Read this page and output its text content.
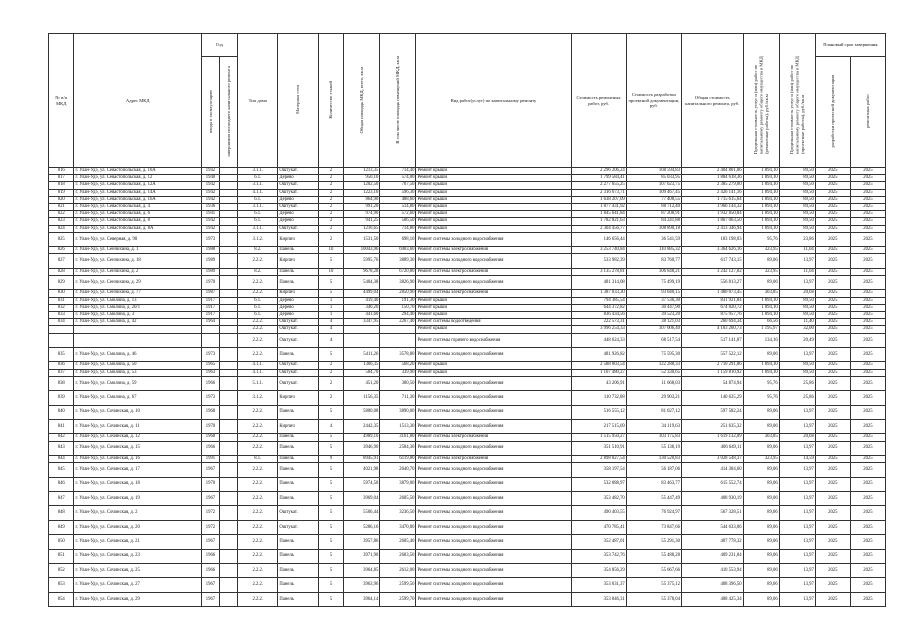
№ п/п МКД	Адрес МКД	Год		Тип дома	Материал стен	Количество этажей	Общая площадь МКД, всего, кв.м	В том числе площадь помещений МКД, кв.м	Вид работ(услуг) по капитальному ремонту	Стоимость ремонтных работ, руб.	Стоимость разработки проектной документации, руб.	Общая стоимость капитального ремонта, руб.	Предельная стоимость услуг и (или) работ по капитальному ремонту общего имущества в МКД (ремонтные работы), руб./кв.м	Предельная стоимость услуг и (или) работ по капитальному ремонту общего имущества в МКД (проектные работы), руб./кв.м	Плановый срок завершения	
		ввода в эксплуатацию	завершения последнего капитального ремонта												разработки проектной документации	ремонтных работ
816	г. Улан-Удэ, ул. Севастопольская, д. 10А	1942		3.1.1.	Оштукат.	2	1213,35	714,40	Ремонт крыши	2 296 206,24	108 594,83	2 404 801,06	1 894,10	89,50	2025	2025
817	г. Улан-Удэ, ул. Севастопольская, д. 12	1940		6.1.	Дерево	2	950,10	574,00	Ремонт крыши	1 799 584,41	85 033,95	1 884 618,36	1 894,10	89,50	2025	2025
818	г. Улан-Удэ, ул. Севастопольская, д. 12А	1942		3.1.1.	Оштукат.	2	1202,50	707,50	Ремонт крыши	2 277 655,25	107 623,75	2 385 279,00	1 894,10	89,50	2025	2025
819	г. Улан-Удэ, ул. Севастопольская, д. 14А	1942		4.1.1.	Оштукат.	2	1223,10	596,30	Ремонт крыши	2 316 673,71	109 467,45	2 426 141,16	1 894,10	89,50	2025	2025
820	г. Улан-Удэ, ул. Севастопольская, д. 16А	1942		6.1.	Дерево	2	864,90	488,60	Ремонт крыши	1 638 207,09	77 408,55	1 715 615,64	1 894,10	89,50	2025	2025
821	г. Улан-Удэ, ул. Севастопольская, д. 4	1936		3.1.1.	Оштукат.	2	991,20	514,80	Ремонт крыши	1 877 431,92	88 712,40	1 966 144,32	1 894,10	89,50	2025	2025
822	г. Улан-Удэ, ул. Севастопольская, д. 6	1941		6.1.	Дерево	2	974,90	572,60	Ремонт крыши	1 845 641,84	87 208,91	1 932 850,84	1 894,10	89,50	2025	2025
823	г. Улан-Удэ, ул. Севастопольская, д. 8	1942		6.1.	Дерево	2	941,25	506,50	Ремонт крыши	1 782 821,63	84 241,88	1 867 063,50	1 894,10	89,50	2025	2025
824	г. Улан-Удэ, ул. Севастопольская, д. 8А	1942		3.1.1.	Оштукат.	2	1216,65	714,80	Ремонт крыши	2 304 456,77	108 890,18	2 413 346,94	1 894,10	89,50	2025	2025
825	г. Улан-Удэ, ул. Северная, д. 90	1973		3.1.2.	Кирпич	2	1531,50	698,10	Ремонт системы холодного водоснабжения	146 656,44	36 541,59	183 198,03	95,76	23,86	2025	2025
826	г. Улан-Удэ, ул. Сенчихина, д. 1	1988		8.2.	Панель	10	10043,96	6903,60	Ремонт системы электроснабжения	3 253 740,84	110 885,32	3 364 626,16	323,95	11,04	2025	2025
827	г. Улан-Удэ, ул. Сенчихина, д. 18	1989		2.2.2.	Кирпич	5	5995,76	3889,30	Ремонт системы холодного водоснабжения	533 982,39	83 760,77	617 743,15	89,06	13,97	2025	2025
828	г. Улан-Удэ, ул. Сенчихина, д. 2	1989		8.2.	Панель	10	9678,28	6720,80	Ремонт системы электроснабжения	3 135 278,81	106 848,21	3 242 127,02	323,95	11,04	2025	2025
829	г. Улан-Удэ, ул. Сенчихина, д. 29	1970		2.2.2.	Панель	5	5404,38	3826,90	Ремонт системы холодного водоснабжения	481 314,08	75 499,19	556 813,27	89,06	13,97	2025	2025
830	г. Улан-Удэ, ул. Сенчихина, д. 77	1987		2.2.2.	Кирпич	5	4499,04	2850,90	Ремонт системы электроснабжения	1 387 033,30	93 040,15	1 480 073,45	303,85	20,68	2025	2025
831	г. Улан-Удэ, ул. Смолина, д. 13	1917		6.1.	Дерево	1	419,40	191,30	Ремонт крыши	794 385,54	37 536,30	831 921,84	1 894,10	89,50	2025	2025
832	г. Улан-Удэ, ул. Смолина, д. 20/1	1917		6.1.	Дерево	1	340,20	150,70	Ремонт крыши	644 372,82	30 447,90	674 820,72	1 894,10	89,50	2025	2025
833	г. Улан-Удэ, ул. Смолина, д. 3	1917		6.1.	Дерево	1	441,60	294,40	Ремонт крыши	836 434,56	39 523,20	875 957,76	1 894,10	89,50	2025	2025
834	г. Улан-Удэ, ул. Смолина, д. 42	1964		2.2.2.	Оштукат.	4	3347,95	2267,40	Ремонт системы водоотведения	222 573,31	38 121,03	260 694,34	66,56	11,40	2025	2025
				2.2.2.	Оштукат.	4			Ремонт крыши	3 996 254,33	107 006,40	4 103 260,73	1 195,97	32,00	2025	2025
				2.2.2.	Оштукат.	4			Ремонт системы горячего водоснабжения	448 624,33	68 517,54	517 141,87	134,16	20,49	2025	2025
835	г. Улан-Удэ, ул. Смолина, д. 46	1973		2.2.2.	Панель	5	5411,26	3578,80	Ремонт системы холодного водоснабжения	481 926,82	75 595,30	557 522,12	89,06	13,97	2025	2025
836	г. Улан-Удэ, ул. Смолина, д. 50	1965		4.1.1.	Оштукат.	2	1366,35	568,20	Ремонт крыши	2 588 003,54	122 288,33	2 710 291,86	1 894,10	89,50	2025	2025
837	г. Улан-Удэ, ул. Смолина, д. 53	1963		4.1.1.	Оштукат.	2	584,70	339,90	Ремонт крыши	1 107 480,27	52 330,65	1 159 810,92	1 894,10	89,50	2025	2025
838	г. Улан-Удэ, ул. Смолина, д. 59	1966		5.1.1.	Оштукат.	2	451,20	300,50	Ремонт системы холодного водоснабжения	43 206,91	11 668,03	54 874,94	95,76	25,86	2025	2025
839	г. Улан-Удэ, ул. Смолина, д. 67	1973		3.1.2.	Кирпич	2	1156,35	711,30	Ремонт системы холодного водоснабжения	110 732,08	29 903,21	140 635,29	95,76	25,86	2025	2025
840	г. Улан-Удэ, ул. Сочинская, д. 10	1968		2.2.2.	Панель	5	5800,08	3890,00	Ремонт системы холодного водоснабжения	516 555,12	81 027,12	597 582,24	89,06	13,97	2025	2025
841	г. Улан-Удэ, ул. Сочинская, д. 11	1970		2.2.2.	Кирпич	4	2442,35	1513,30	Ремонт системы холодного водоснабжения	217 515,69	34 119,63	251 635,32	89,06	13,97	2025	2025
842	г. Улан-Удэ, ул. Сочинская, д. 12	1968		2.2.2.	Панель	5	4989,16	3161,80	Ремонт системы электроснабжения	1 515 950,27	103 175,83	1 619 132,09	303,85	20,68	2025	2025
843	г. Улан-Удэ, ул. Сочинская, д. 15	1966		2.2.2.	Панель	5	3946,90	2584,30	Ремонт системы холодного водоснабжения	351 510,91	55 138,19	406 649,11	89,06	13,97	2025	2025
844	г. Улан-Удэ, ул. Сочинская, д. 16	1991		8.1.	Панель	9	8945,91	6119,80	Ремонт системы электроснабжения	2 898 027,54	130 520,83	3 028 548,37	323,95	14,59	2025	2025
845	г. Улан-Удэ, ул. Сочинская, д. 17	1967		2.2.2.	Панель	5	4021,98	2640,70	Ремонт системы холодного водоснабжения	358 197,54	56 187,06	414 384,60	89,06	13,97	2025	2025
846	г. Улан-Удэ, ул. Сочинская, д. 18	1970		2.2.2.	Панель	5	5974,50	3879,00	Ремонт системы холодного водоснабжения	532 088,97	83 463,77	615 552,74	89,06	13,97	2025	2025
847	г. Улан-Удэ, ул. Сочинская, д. 19	1967		2.2.2.	Панель	5	3969,04	2605,50	Ремонт системы холодного водоснабжения	353 482,70	55 447,49	408 930,19	89,06	13,97	2025	2025
848	г. Улан-Удэ, ул. Сочинская, д. 2	1972		2.2.2.	Оштукат.	5	5506,44	3236,50	Ремонт системы холодного водоснабжения	490 403,55	76 924,97	567 328,51	89,06	13,97	2025	2025
849	г. Улан-Удэ, ул. Сочинская, д. 20	1972		2.2.2.	Оштукат.	5	5286,16	3470,80	Ремонт системы холодного водоснабжения	470 785,41	73 847,66	544 633,06	89,06	13,97	2025	2025
850	г. Улан-Удэ, ул. Сочинская, д. 21	1967		2.2.2.	Панель	5	3957,86	2605,40	Ремонт системы холодного водоснабжения	352 487,01	55 291,30	407 778,32	89,06	13,97	2025	2025
851	г. Улан-Удэ, ул. Сочинская, д. 23	1966		2.2.2.	Панель	5	3971,90	2603,50	Ремонт системы холодного водоснабжения	353 742,76	55 488,28	409 231,04	89,06	13,97	2025	2025
852	г. Улан-Удэ, ул. Сочинская, д. 25	1966		2.2.2.	Панель	5	3964,85	2612,00	Ремонт системы холодного водоснабжения	354 856,29	55 667,66	410 553,94	89,06	13,97	2025	2025
853	г. Улан-Удэ, ул. Сочинская, д. 27	1967		2.2.2.	Панель	5	3963,96	2599,50	Ремонт системы холодного водоснабжения	353 031,37	55 375,12	408 396,50	89,06	13,97	2025	2025
854	г. Улан-Удэ, ул. Сочинская, д. 29	1967		2.2.2.	Панель	5	3964,14	2599,70	Ремонт системы холодного водоснабжения	353 046,31	55 378,04	408 425,34	89,06	13,97	2025	2025
